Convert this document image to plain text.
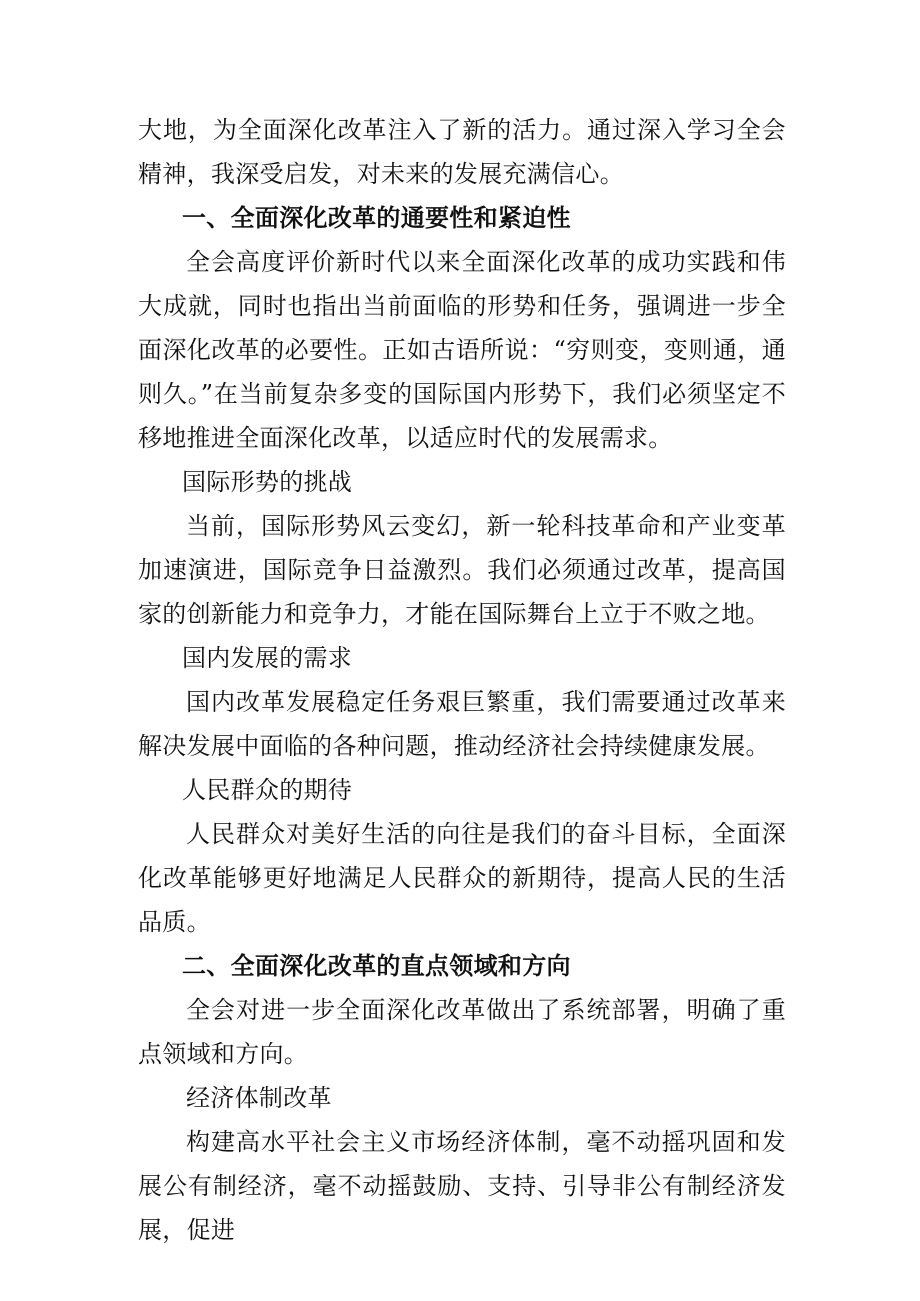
大地，为全面深化改革注入了新的活力。通过深入学习全会精神，我深受启发，对未来的发展充满信心。

一、全面深化改革的通要性和紧迫性

全会高度评价新时代以来全面深化改革的成功实践和伟大成就，同时也指出当前面临的形势和任务，强调进一步全面深化改革的必要性。正如古语所说：“穷则变，变则通，通则久。”在当前复杂多变的国际国内形势下，我们必须坚定不移地推进全面深化改革，以适应时代的发展需求。

国际形势的挑战

当前，国际形势风云变幻，新一轮科技革命和产业变革加速演进，国际竞争日益激烈。我们必须通过改革，提高国家的创新能力和竞争力，才能在国际舞台上立于不败之地。

国内发展的需求

国内改革发展稳定任务艰巨繁重，我们需要通过改革来解决发展中面临的各种问题，推动经济社会持续健康发展。

人民群众的期待

人民群众对美好生活的向往是我们的奋斗目标，全面深化改革能够更好地满足人民群众的新期待，提高人民的生活品质。

二、全面深化改革的直点领域和方向

全会对进一步全面深化改革做出了系统部署，明确了重点领域和方向。

经济体制改革

构建高水平社会主义市场经济体制，毫不动摇巩固和发展公有制经济，毫不动摇鼓励、支持、引导非公有制经济发展，促进
